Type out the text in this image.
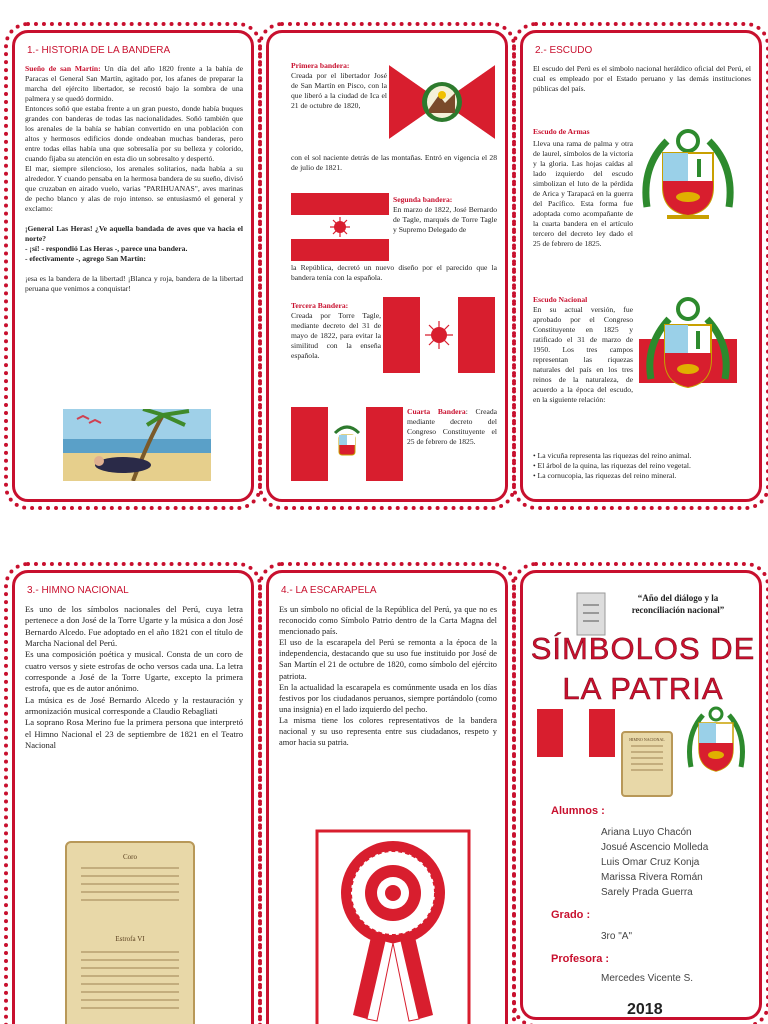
1.- HISTORIA DE LA BANDERA
Sueño de san Martín: Un día del año 1820 frente a la bahía de Paracas el General San Martín, agitado por, los afanes de preparar la marcha del ejército libertador, se recostó bajo la sombra de una palmera y se quedó dormido.
Entonces soñó que estaba frente a un gran puesto, donde había buques grandes con banderas de todas las nacionalidades. Soñó también que los arenales de la bahía se habían convertido en una población con altos y hermosos edificios donde ondeaban muchas banderas, pero entre todas ellas había una que sobresalía por su belleza y colorido, cuando fijaba su atención en esta dio un sobresalto y despertó.
El mar, siempre silencioso, los arenales solitarios, nada había a su alrededor. Y cuando pensaba en la hermosa bandera de su sueño, divisó que cruzaban en airado vuelo, varias "PARIHUANAS", aves marinas de pecho blanco y alas de rojo intenso. se entusiasmó el general y exclamo:

¡General Las Heras! ¿Ve aquella bandada de aves que va hacia el norte?
- ¡sí! - respondió Las Heras -, parece una bandera.
- efectivamente -, agrego San Martín:

¡esa es la bandera de la libertad! ¡Blanca y roja, bandera de la libertad peruana que venimos a conquistar!
Primera bandera:
Creada por el libertador José de San Martín en Pisco, con la que liberó a la ciudad de Ica el 21 de octubre de 1820,
con el sol naciente detrás de las montañas. Entró en vigencia el 28 de julio de 1821.
Segunda bandera:
En marzo de 1822, José Bernardo de Tagle, marqués de Torre Tagle y Supremo Delegado de
la República, decretó un nuevo diseño por el parecido que la bandera tenía con la española.
Tercera Bandera:
Creada por Torre Tagle, mediante decreto del 31 de mayo de 1822, para evitar la similitud con la enseña española.
Cuarta Bandera: Creada mediante decreto del Congreso Constituyente el 25 de febrero de 1825.
2.- ESCUDO
El escudo del Perú es el símbolo nacional heráldico oficial del Perú, el cual es empleado por el Estado peruano y las demás instituciones públicas del país.
Escudo de Armas
Lleva una rama de palma y otra de laurel, símbolos de la victoria y la gloria. Las hojas caídas al lado izquierdo del escudo simbolizan el luto de la pérdida de Arica y Tarapacá en la guerra del Pacífico. Esta forma fue adoptada como acompañante de la cuarta bandera en el artículo tercero del decreto ley dado el 25 de febrero de 1825.
Escudo Nacional
En su actual versión, fue aprobado por el Congreso Constituyente en 1825 y ratificado el 31 de marzo de 1950. Los tres campos representan las riquezas naturales del país en los tres reinos de la naturaleza, de acuerdo a la época del escudo, en la siguiente relación:
• La vicuña representa las riquezas del reino animal.
• El árbol de la quina, las riquezas del reino vegetal.
• La cornucopia, las riquezas del reino mineral.
3.- HIMNO NACIONAL
Es uno de los símbolos nacionales del Perú, cuya letra pertenece a don José de la Torre Ugarte y la música a don José Bernardo Alcedo. Fue adoptado en el año 1821 con el título de Marcha Nacional del Perú.
Es una composición poética y musical. Consta de un coro de cuatro versos y siete estrofas de ocho versos cada una. La letra corresponde a José de la Torre Ugarte, excepto la primera estrofa, que es de autor anónimo.
La música es de José Bernardo Alcedo y la restauración y armonización musical corresponde a Claudio Rebagliati
La soprano Rosa Merino fue la primera persona que interpretó el Himno Nacional el 23 de septiembre de 1821 en el Teatro Nacional
Coro
Estrofa VI
4.- LA ESCARAPELA
Es un símbolo no oficial de la República del Perú, ya que no es reconocido como Símbolo Patrio dentro de la Carta Magna del mencionado país.
El uso de la escarapela del Perú se remonta a la época de la independencia, destacando que su uso fue instituido por José de San Martín el 21 de octubre de 1820, como símbolo del ejército patriota.
En la actualidad la escarapela es comúnmente usada en los días festivos por los ciudadanos peruanos, siempre portándolo (como una insignia) en el lado izquierdo del pecho.
La misma tiene los colores representativos de la bandera nacional y su uso representa entre sus ciudadanos, respeto y amor hacia su patria.
“Año del diálogo y la reconciliación nacional”
SÍMBOLOS DE
LA PATRIA
HIMNO NACIONAL
Alumnos :
Ariana Luyo Chacón
Josué Ascencio Molleda
Luis Omar Cruz Konja
Marissa Rivera Román
Sarely Prada Guerra
Grado :
3ro "A"
Profesora :
Mercedes Vicente S.
2018
